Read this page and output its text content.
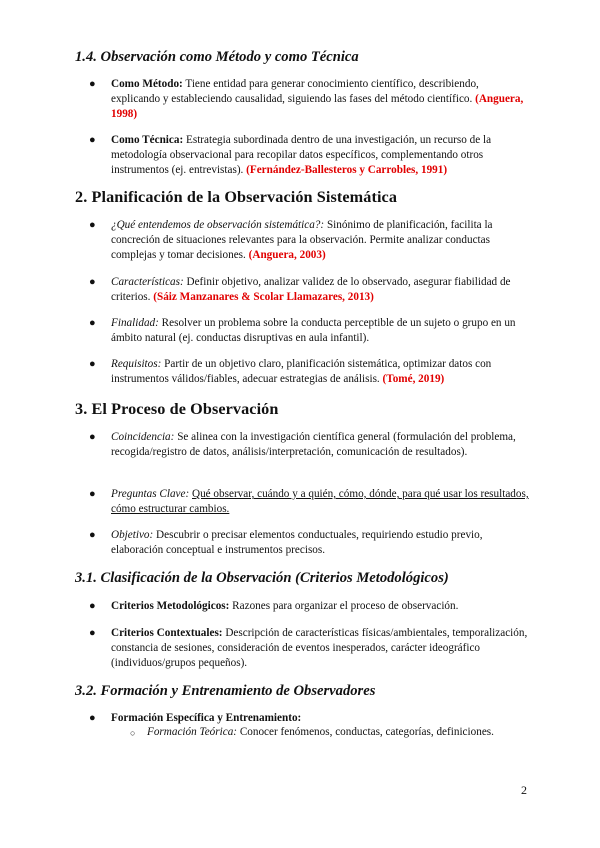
1.4. Observación como Método y como Técnica

● Como Método: Tiene entidad para generar conocimiento científico, describiendo, explicando y estableciendo causalidad, siguiendo las fases del método científico. (Anguera, 1998)

● Como Técnica: Estrategia subordinada dentro de una investigación, un recurso de la metodología observacional para recopilar datos específicos, complementando otros instrumentos (ej. entrevistas). (Fernández-Ballesteros y Carrobles, 1991)

2. Planificación de la Observación Sistemática

● ¿Qué entendemos de observación sistemática?: Sinónimo de planificación, facilita la concreción de situaciones relevantes para la observación. Permite analizar conductas complejas y tomar decisiones. (Anguera, 2003)

● Características: Definir objetivo, analizar validez de lo observado, asegurar fiabilidad de criterios. (Sáiz Manzanares & Scolar Llamazares, 2013)

● Finalidad: Resolver un problema sobre la conducta perceptible de un sujeto o grupo en un ámbito natural (ej. conductas disruptivas en aula infantil).

● Requisitos: Partir de un objetivo claro, planificación sistemática, optimizar datos con instrumentos válidos/fiables, adecuar estrategias de análisis. (Tomé, 2019)

3. El Proceso de Observación

● Coincidencia: Se alinea con la investigación científica general (formulación del problema, recogida/registro de datos, análisis/interpretación, comunicación de resultados).

● Preguntas Clave: Qué observar, cuándo y a quién, cómo, dónde, para qué usar los resultados, cómo estructurar cambios.

● Objetivo: Descubrir o precisar elementos conductuales, requiriendo estudio previo, elaboración conceptual e instrumentos precisos.

3.1. Clasificación de la Observación (Criterios Metodológicos)

● Criterios Metodológicos: Razones para organizar el proceso de observación.

● Criterios Contextuales: Descripción de características físicas/ambientales, temporalización, constancia de sesiones, consideración de eventos inesperados, carácter ideográfico (individuos/grupos pequeños).

3.2. Formación y Entrenamiento de Observadores

● Formación Específica y Entrenamiento:

○ Formación Teórica: Conocer fenómenos, conductas, categorías, definiciones.

2
